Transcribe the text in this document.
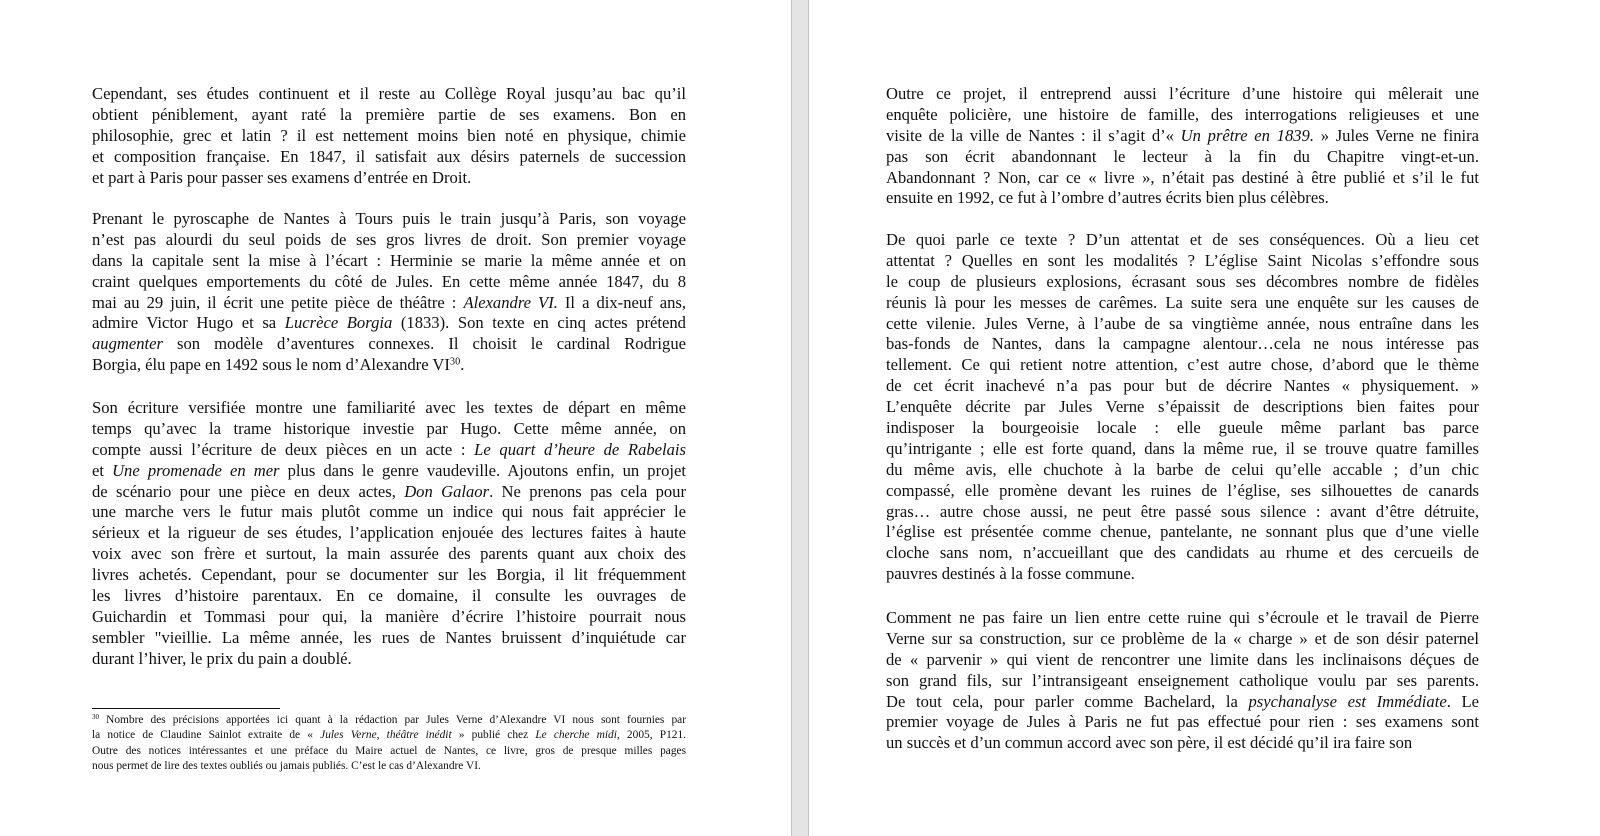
Cependant, ses études continuent et il reste au Collège Royal jusqu’au bac qu’il
obtient péniblement, ayant raté la première partie de ses examens. Bon en
philosophie, grec et latin ? il est nettement moins bien noté en physique, chimie
et composition française. En 1847, il satisfait aux désirs paternels de succession
et part à Paris pour passer ses examens d’entrée en Droit.
Prenant le pyroscaphe de Nantes à Tours puis le train jusqu’à Paris, son voyage
n’est pas alourdi du seul poids de ses gros livres de droit. Son premier voyage
dans la capitale sent la mise à l’écart : Herminie se marie la même année et on
craint quelques emportements du côté de Jules. En cette même année 1847, du 8
mai au 29 juin, il écrit une petite pièce de théâtre : Alexandre VI. Il a dix-neuf ans,
admire Victor Hugo et sa Lucrèce Borgia (1833). Son texte en cinq actes prétend
augmenter son modèle d’aventures connexes. Il choisit le cardinal Rodrigue
Borgia, élu pape en 1492 sous le nom d’Alexandre VI$^{30}$.
Son écriture versifiée montre une familiarité avec les textes de départ en même
temps qu’avec la trame historique investie par Hugo. Cette même année, on
compte aussi l’écriture de deux pièces en un acte : Le quart d’heure de Rabelais
et Une promenade en mer plus dans le genre vaudeville. Ajoutons enfin, un projet
de scénario pour une pièce en deux actes, Don Galaor. Ne prenons pas cela pour
une marche vers le futur mais plutôt comme un indice qui nous fait apprécier le
sérieux et la rigueur de ses études, l’application enjouée des lectures faites à haute
voix avec son frère et surtout, la main assurée des parents quant aux choix des
livres achetés. Cependant, pour se documenter sur les Borgia, il lit fréquemment
les livres d’histoire parentaux. En ce domaine, il consulte les ouvrages de
Guichardin et Tommasi pour qui, la manière d’écrire l’histoire pourrait nous
sembler "vieillie. La même année, les rues de Nantes bruissent d’inquiétude car
durant l’hiver, le prix du pain a doublé.
$^{30}$ Nombre des précisions apportées ici quant à la rédaction par Jules Verne d’Alexandre VI nous sont fournies par
la notice de Claudine Sainlot extraite de « Jules Verne, théâtre inédit » publié chez Le cherche midi, 2005, P121.
Outre des notices intéressantes et une préface du Maire actuel de Nantes, ce livre, gros de presque milles pages
nous permet de lire des textes oubliés ou jamais publiés. C’est le cas d’Alexandre VI.
Outre ce projet, il entreprend aussi l’écriture d’une histoire qui mêlerait une
enquête policière, une histoire de famille, des interrogations religieuses et une
visite de la ville de Nantes : il s’agit d’« Un prêtre en 1839. » Jules Verne ne finira
pas son écrit abandonnant le lecteur à la fin du Chapitre vingt-et-un.
Abandonnant ? Non, car ce « livre », n’était pas destiné à être publié et s’il le fut
ensuite en 1992, ce fut à l’ombre d’autres écrits bien plus célèbres.
De quoi parle ce texte ? D’un attentat et de ses conséquences. Où a lieu cet
attentat ? Quelles en sont les modalités ? L’église Saint Nicolas s’effondre sous
le coup de plusieurs explosions, écrasant sous ses décombres nombre de fidèles
réunis là pour les messes de carêmes. La suite sera une enquête sur les causes de
cette vilenie. Jules Verne, à l’aube de sa vingtième année, nous entraîne dans les
bas-fonds de Nantes, dans la campagne alentour…cela ne nous intéresse pas
tellement. Ce qui retient notre attention, c’est autre chose, d’abord que le thème
de cet écrit inachevé n’a pas pour but de décrire Nantes « physiquement. »
L’enquête décrite par Jules Verne s’épaissit de descriptions bien faites pour
indisposer la bourgeoisie locale : elle gueule même parlant bas parce
qu’intrigante ; elle est forte quand, dans la même rue, il se trouve quatre familles
du même avis, elle chuchote à la barbe de celui qu’elle accable ; d’un chic
compassé, elle promène devant les ruines de l’église, ses silhouettes de canards
gras… autre chose aussi, ne peut être passé sous silence : avant d’être détruite,
l’église est présentée comme chenue, pantelante, ne sonnant plus que d’une vielle
cloche sans nom, n’accueillant que des candidats au rhume et des cercueils de
pauvres destinés à la fosse commune.
Comment ne pas faire un lien entre cette ruine qui s’écroule et le travail de Pierre
Verne sur sa construction, sur ce problème de la « charge » et de son désir paternel
de « parvenir » qui vient de rencontrer une limite dans les inclinaisons déçues de
son grand fils, sur l’intransigeant enseignement catholique voulu par ses parents.
De tout cela, pour parler comme Bachelard, la psychanalyse est Immédiate. Le
premier voyage de Jules à Paris ne fut pas effectué pour rien : ses examens sont
un succès et d’un commun accord avec son père, il est décidé qu’il ira faire son
